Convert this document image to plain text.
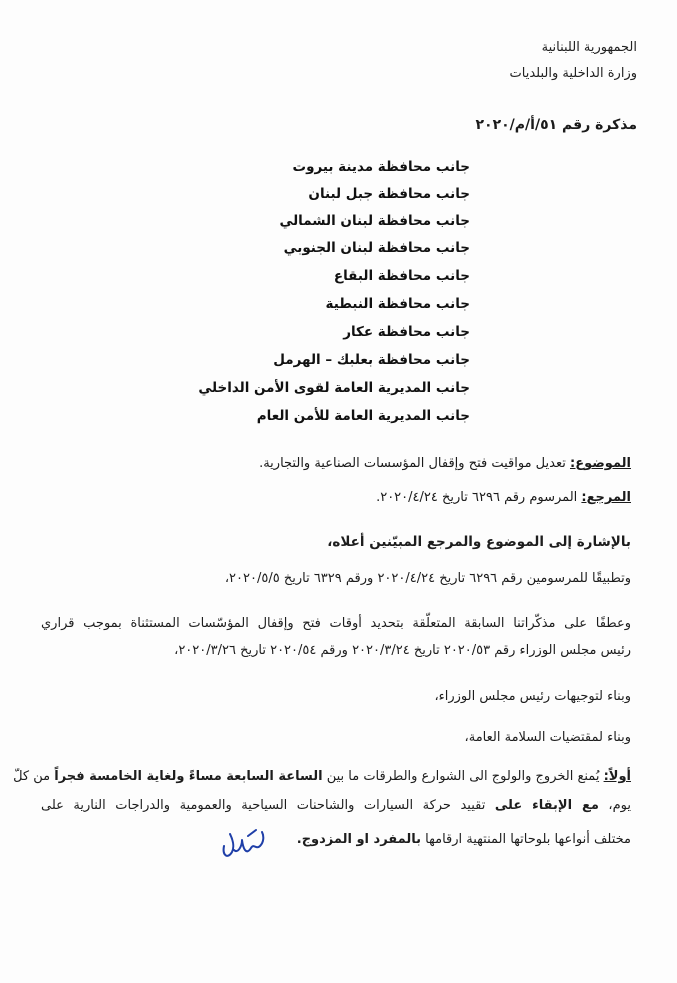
الجمهورية اللبنانية
وزارة الداخلية والبلديات
مذكرة رقم ٥١/أ/م/٢٠٢٠
جانب محافظة مدينة بيروت
جانب محافظة جبل لبنان
جانب محافظة لبنان الشمالي
جانب محافظة لبنان الجنوبي
جانب محافظة البقاع
جانب محافظة النبطية
جانب محافظة عكار
جانب محافظة بعلبك – الهرمل
جانب المديرية العامة لقوى الأمن الداخلي
جانب المديرية العامة للأمن العام
الموضوع: تعديل مواقيت فتح وإقفال المؤسسات الصناعية والتجارية.
المرجع: المرسوم رقم ٦٢٩٦ تاريخ ٢٠٢٠/٤/٢٤.
بالإشارة إلى الموضوع والمرجع المبيّنين أعلاه،
وتطبيقًا للمرسومين رقم ٦٢٩٦ تاريخ ٢٠٢٠/٤/٢٤ ورقم ٦٣٢٩ تاريخ ٢٠٢٠/٥/٥،
وعطفًا على مذكّراتنا السابقة المتعلّقة بتحديد أوقات فتح وإقفال المؤسّسات المستثناة بموجب قراري
رئيس مجلس الوزراء رقم ٢٠٢٠/٥٣ تاريخ ٢٠٢٠/٣/٢٤ ورقم ٢٠٢٠/٥٤ تاريخ ٢٠٢٠/٣/٢٦،
وبناء لتوجيهات رئيس مجلس الوزراء،
وبناء لمقتضيات السلامة العامة،
أولاً: يُمنع الخروج والولوج الى الشوارع والطرقات ما بين الساعة السابعة مساءً ولغاية الخامسة فجراً من كلّ
يوم، مع الإبقاء على تقييد حركة السيارات والشاحنات السياحية والعمومية والدراجات النارية على
مختلف أنواعها بلوحاتها المنتهية ارقامها بالمفرد او المزدوج.
